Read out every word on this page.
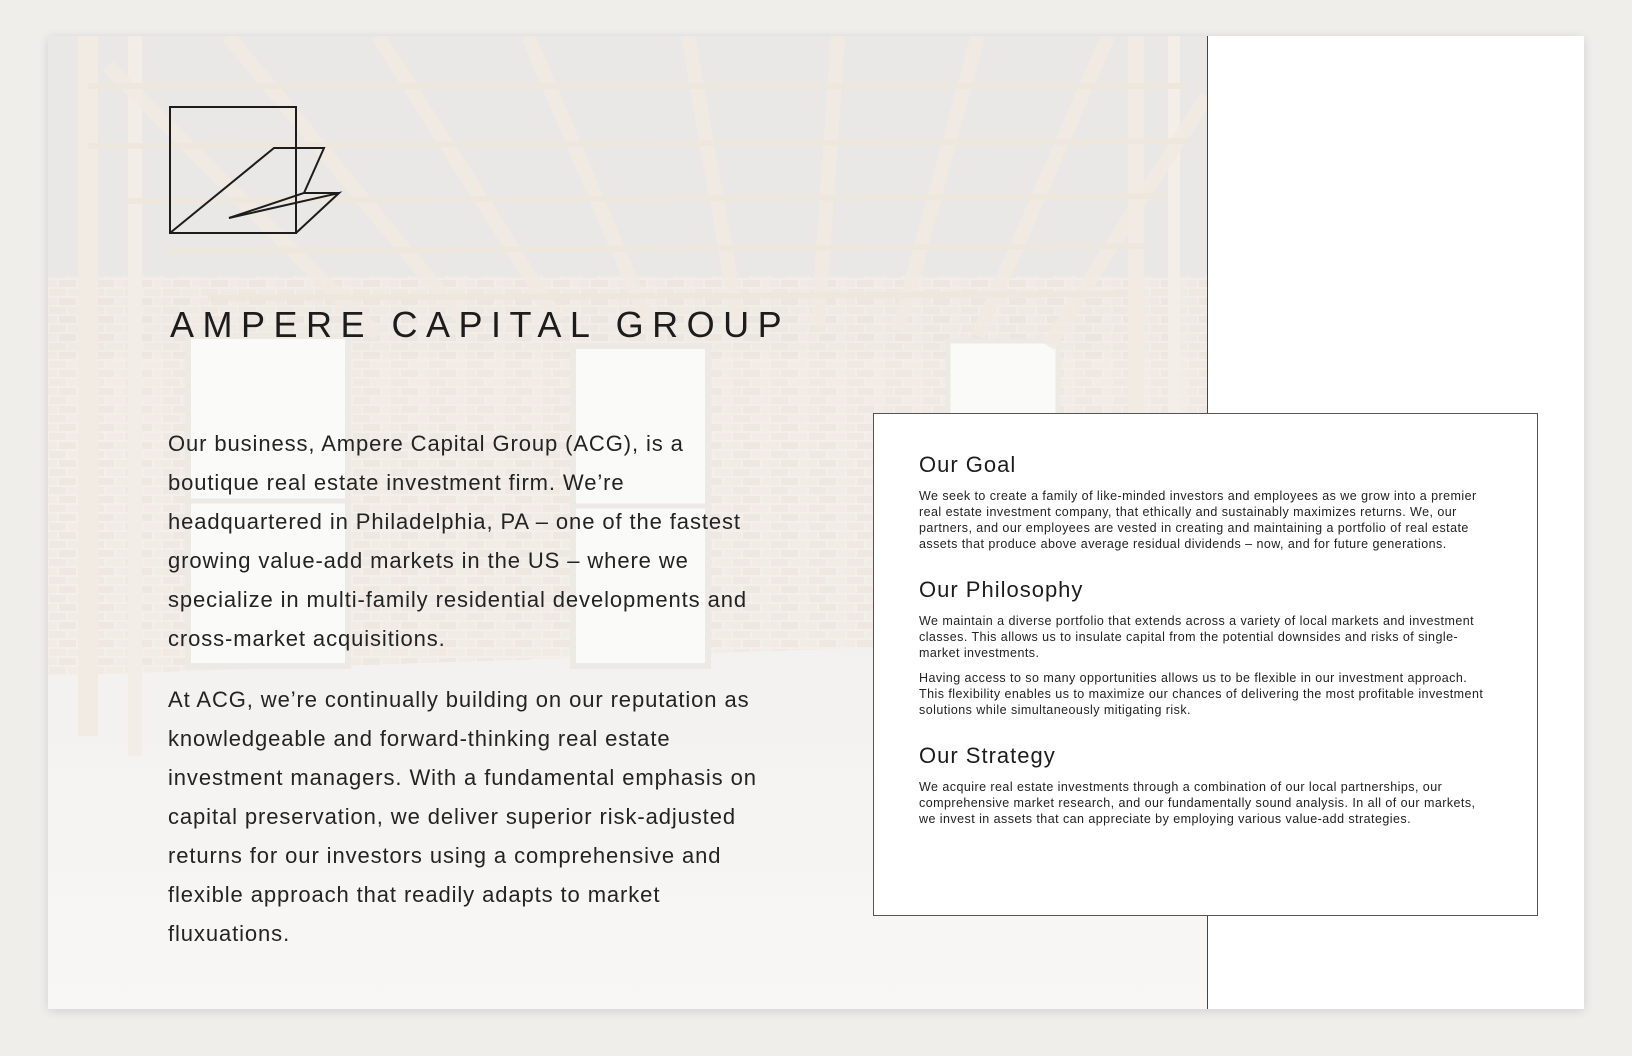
AMPERE CAPITAL GROUP

Our business, Ampere Capital Group (ACG), is a boutique real estate investment firm. We’re headquartered in Philadelphia, PA – one of the fastest growing value-add markets in the US – where we specialize in multi-family residential developments and cross-market acquisitions.

At ACG, we’re continually building on our reputation as knowledgeable and forward-thinking real estate investment managers. With a fundamental emphasis on capital preservation, we deliver superior risk-adjusted returns for our investors using a comprehensive and flexible approach that readily adapts to market fluxuations.

Our Goal

We seek to create a family of like-minded investors and employees as we grow into a premier real estate investment company, that ethically and sustainably maximizes returns. We, our partners, and our employees are vested in creating and maintaining a portfolio of real estate assets that produce above average residual dividends – now, and for future generations.

Our Philosophy

We maintain a diverse portfolio that extends across a variety of local markets and investment classes. This allows us to insulate capital from the potential downsides and risks of single-market investments.

Having access to so many opportunities allows us to be flexible in our investment approach. This flexibility enables us to maximize our chances of delivering the most profitable investment solutions while simultaneously mitigating risk.

Our Strategy

We acquire real estate investments through a combination of our local partnerships, our comprehensive market research, and our fundamentally sound analysis. In all of our markets, we invest in assets that can appreciate by employing various value-add strategies.
